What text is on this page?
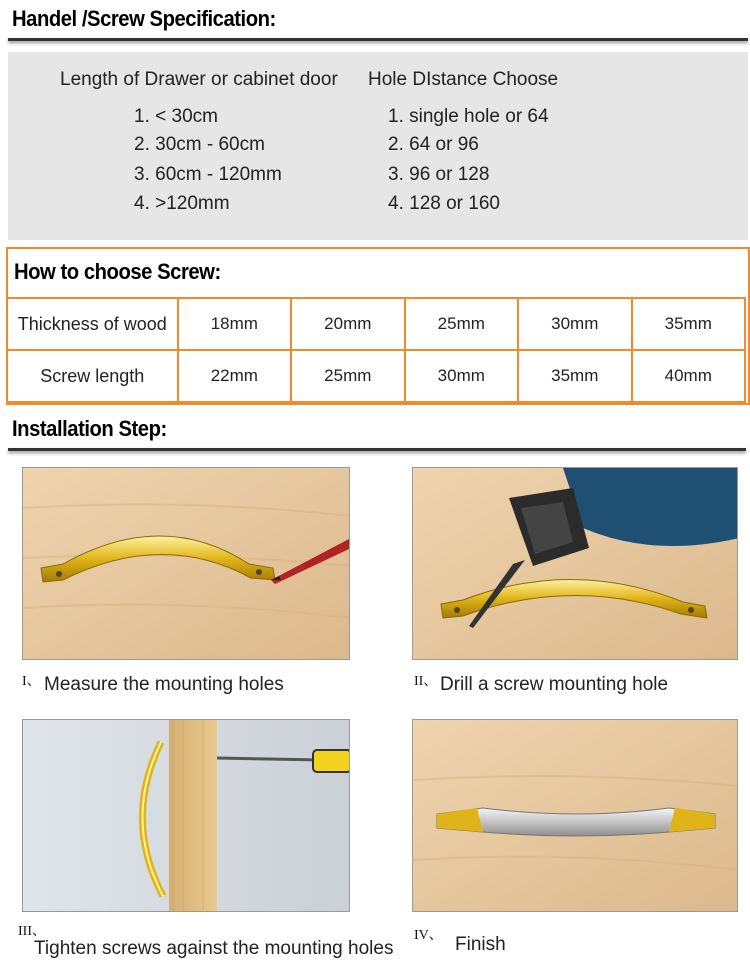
Handel /Screw Specification:
Length of Drawer or cabinet door Hole DIstance Choose
1. < 30cm
2. 30cm - 60cm
3. 60cm - 120mm
4. >120mm
1. single hole or 64
2. 64 or 96
3. 96 or 128
4. 128 or 160
How to choose Screw:
Thickness of wood	18mm	20mm	25mm	30mm	35mm
Screw length	22mm	25mm	30mm	35mm	40mm
Installation Step:
I、 Measure the mounting holes	II、 Drill a screw mounting hole
III、
Tighten screws against the mounting holes
IV、 Finish
